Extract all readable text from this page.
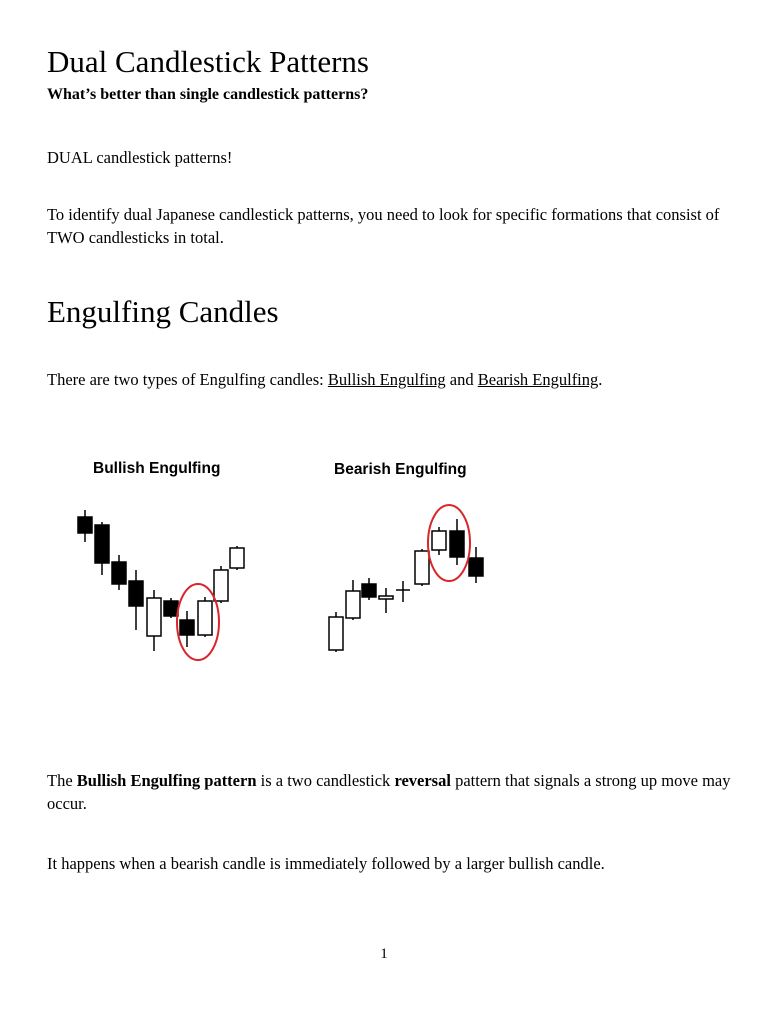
Dual Candlestick Patterns

What’s better than single candlestick patterns?

DUAL candlestick patterns!

To identify dual Japanese candlestick patterns, you need to look for specific formations that consist of TWO candlesticks in total.

Engulfing Candles

There are two types of Engulfing candles: Bullish Engulfing and Bearish Engulfing.

Bullish Engulfing	Bearish Engulfing

The Bullish Engulfing pattern is a two candlestick reversal pattern that signals a strong up move may occur.

It happens when a bearish candle is immediately followed by a larger bullish candle.

1
